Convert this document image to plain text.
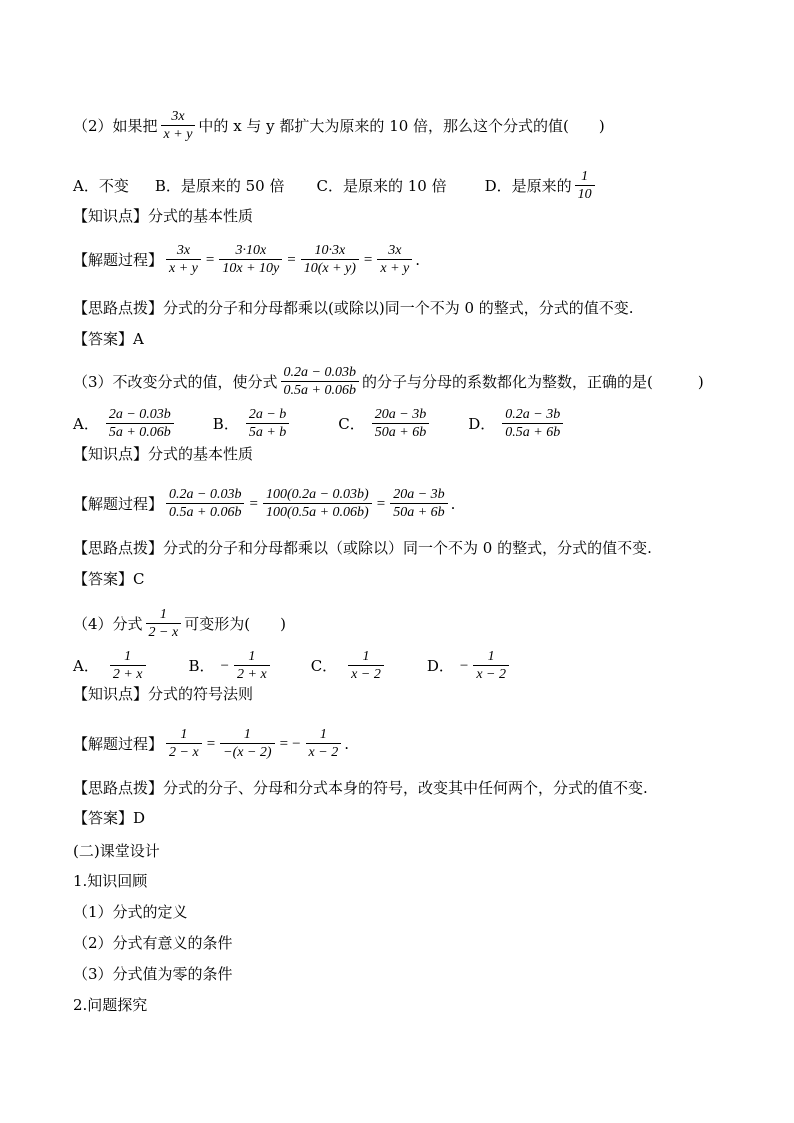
（2）如果把 $\frac{3x}{x + y}$ 中的 x 与 y 都扩大为原来的 10 倍，那么这个分式的值(　　)
A．不变 B．是原来的 50 倍 C．是原来的 10 倍	D．是原来的 $\frac{1}{10}$
【知识点】分式的基本性质
【解题过程】 $\frac{3x}{x + y} = \frac{3\cdot 10x}{10x + 10y} = \frac{10\cdot 3x}{10(x + y)} = \frac{3x}{x + y}$ .
【思路点拨】分式的分子和分母都乘以(或除以)同一个不为 0 的整式，分式的值不变.
【答案】A
（3）不改变分式的值，使分式 $\frac{0.2a - 0.03b}{0.5a + 0.06b}$ 的分子与分母的系数都化为整数，正确的是(　　　)
A． $\frac{2a - 0.03b}{5a + 0.06b}$	B． $\frac{2a - b}{5a + b}$	C． $\frac{20a - 3b}{50a + 6b}$	D． $\frac{0.2a - 3b}{0.5a + 6b}$
【知识点】分式的基本性质
【解题过程】 $\frac{0.2a - 0.03b}{0.5a + 0.06b} = \frac{100(0.2a - 0.03b)}{100(0.5a + 0.06b)} = \frac{20a - 3b}{50a + 6b}$ .
【思路点拨】分式的分子和分母都乘以（或除以）同一个不为 0 的整式，分式的值不变.
【答案】C
（4）分式 $\frac{1}{2 - x}$ 可变形为(　　)
A． $\frac{1}{2 + x}$	B． − $\frac{1}{2 + x}$	C． $\frac{1}{x - 2}$	D． − $\frac{1}{x - 2}$
【知识点】分式的符号法则
【解题过程】 $\frac{1}{2 - x} = \frac{1}{-(x - 2)}$ = − $\frac{1}{x - 2}$ .
【思路点拨】分式的分子、分母和分式本身的符号，改变其中任何两个，分式的值不变.
【答案】D
(二)课堂设计
1.知识回顾
（1）分式的定义
（2）分式有意义的条件
（3）分式值为零的条件
2.问题探究
